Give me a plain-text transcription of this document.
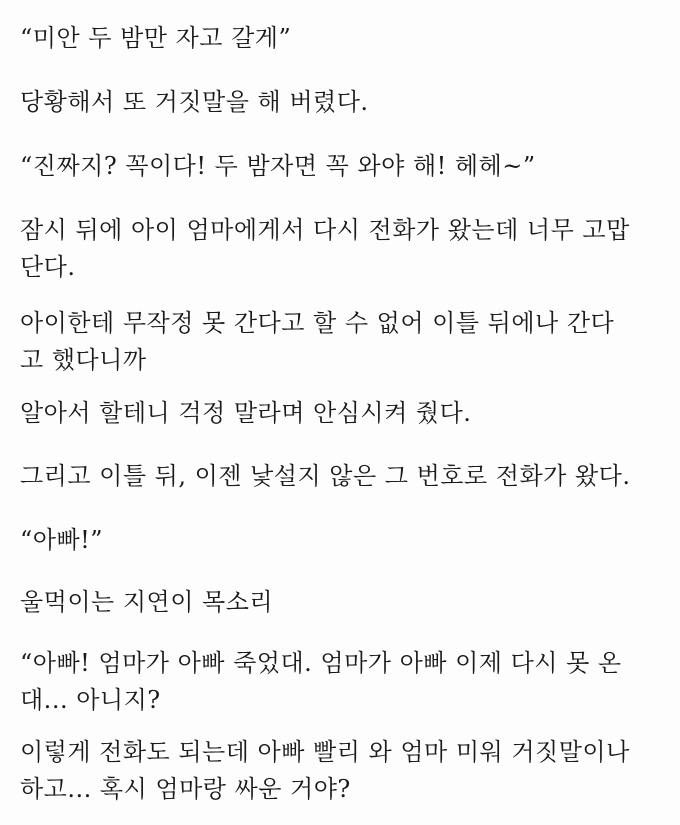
“미안 두 밤만 자고 갈게”

당황해서 또 거짓말을 해 버렸다.

“진짜지? 꼭이다! 두 밤자면 꼭 와야 해! 헤헤~”

잠시 뒤에 아이 엄마에게서 다시 전화가 왔는데 너무 고맙
단다.

아이한테 무작정 못 간다고 할 수 없어 이틀 뒤에나 간다
고 했다니까

알아서 할테니 걱정 말라며 안심시켜 줬다.

그리고 이틀 뒤, 이젠 낯설지 않은 그 번호로 전화가 왔다.

“아빠!”

울먹이는 지연이 목소리

“아빠! 엄마가 아빠 죽었대. 엄마가 아빠 이제 다시 못 온
대... 아니지?

이렇게 전화도 되는데 아빠 빨리 와 엄마 미워 거짓말이나
하고... 혹시 엄마랑 싸운 거야?
